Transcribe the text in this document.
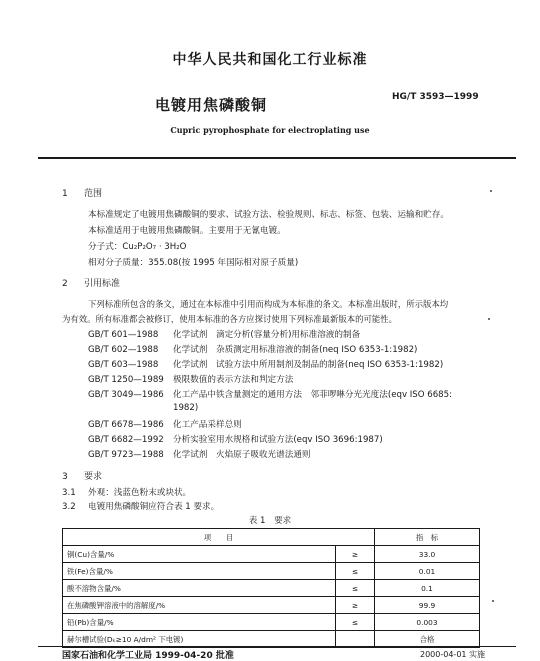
中华人民共和国化工行业标准
电镀用焦磷酸铜	HG/T 3593—1999
Cupric pyrophosphate for electroplating use
1 范围
本标准规定了电镀用焦磷酸铜的要求、试验方法、检验规则、标志、标签、包装、运输和贮存。
本标准适用于电镀用焦磷酸铜。主要用于无氰电镀。
分子式：Cu₂P₂O₇ · 3H₂O
相对分子质量：355.08(按 1995 年国际相对原子质量)
2 引用标准
下列标准所包含的条文，通过在本标准中引用而构成为本标准的条文。本标准出版时，所示版本均
为有效。所有标准都会被修订，使用本标准的各方应探讨使用下列标准最新版本的可能性。
GB/T 601—1988 化学试剂　滴定分析(容量分析)用标准溶液的制备
GB/T 602—1988 化学试剂　杂质测定用标准溶液的制备(neq ISO 6353-1:1982)
GB/T 603—1988 化学试剂　试验方法中所用制剂及制品的制备(neq ISO 6353-1:1982)
GB/T 1250—1989 极限数值的表示方法和判定方法
GB/T 3049—1986 化工产品中铁含量测定的通用方法　邻菲啰啉分光光度法(eqv ISO 6685:
1982)
GB/T 6678—1986 化工产品采样总则
GB/T 6682—1992 分析实验室用水规格和试验方法(eqv ISO 3696:1987)
GB/T 9723—1988 化学试剂　火焰原子吸收光谱法通则
3 要求
3.1 外观：浅蓝色粉末或块状。
3.2 电镀用焦磷酸铜应符合表 1 要求。
表 1　要求
项　　目		指　标
铜(Cu)含量/%	≥	33.0
铁(Fe)含量/%	≤	0.01
酸不溶物含量/%	≤	0.1
在焦磷酸钾溶液中的溶解度/%	≥	99.9
铅(Pb)含量/%	≤	0.003
赫尔槽试验(Dₖ≥10 A/dm² 下电镀)		合格
国家石油和化学工业局 1999-04-20 批准	2000-04-01 实施
